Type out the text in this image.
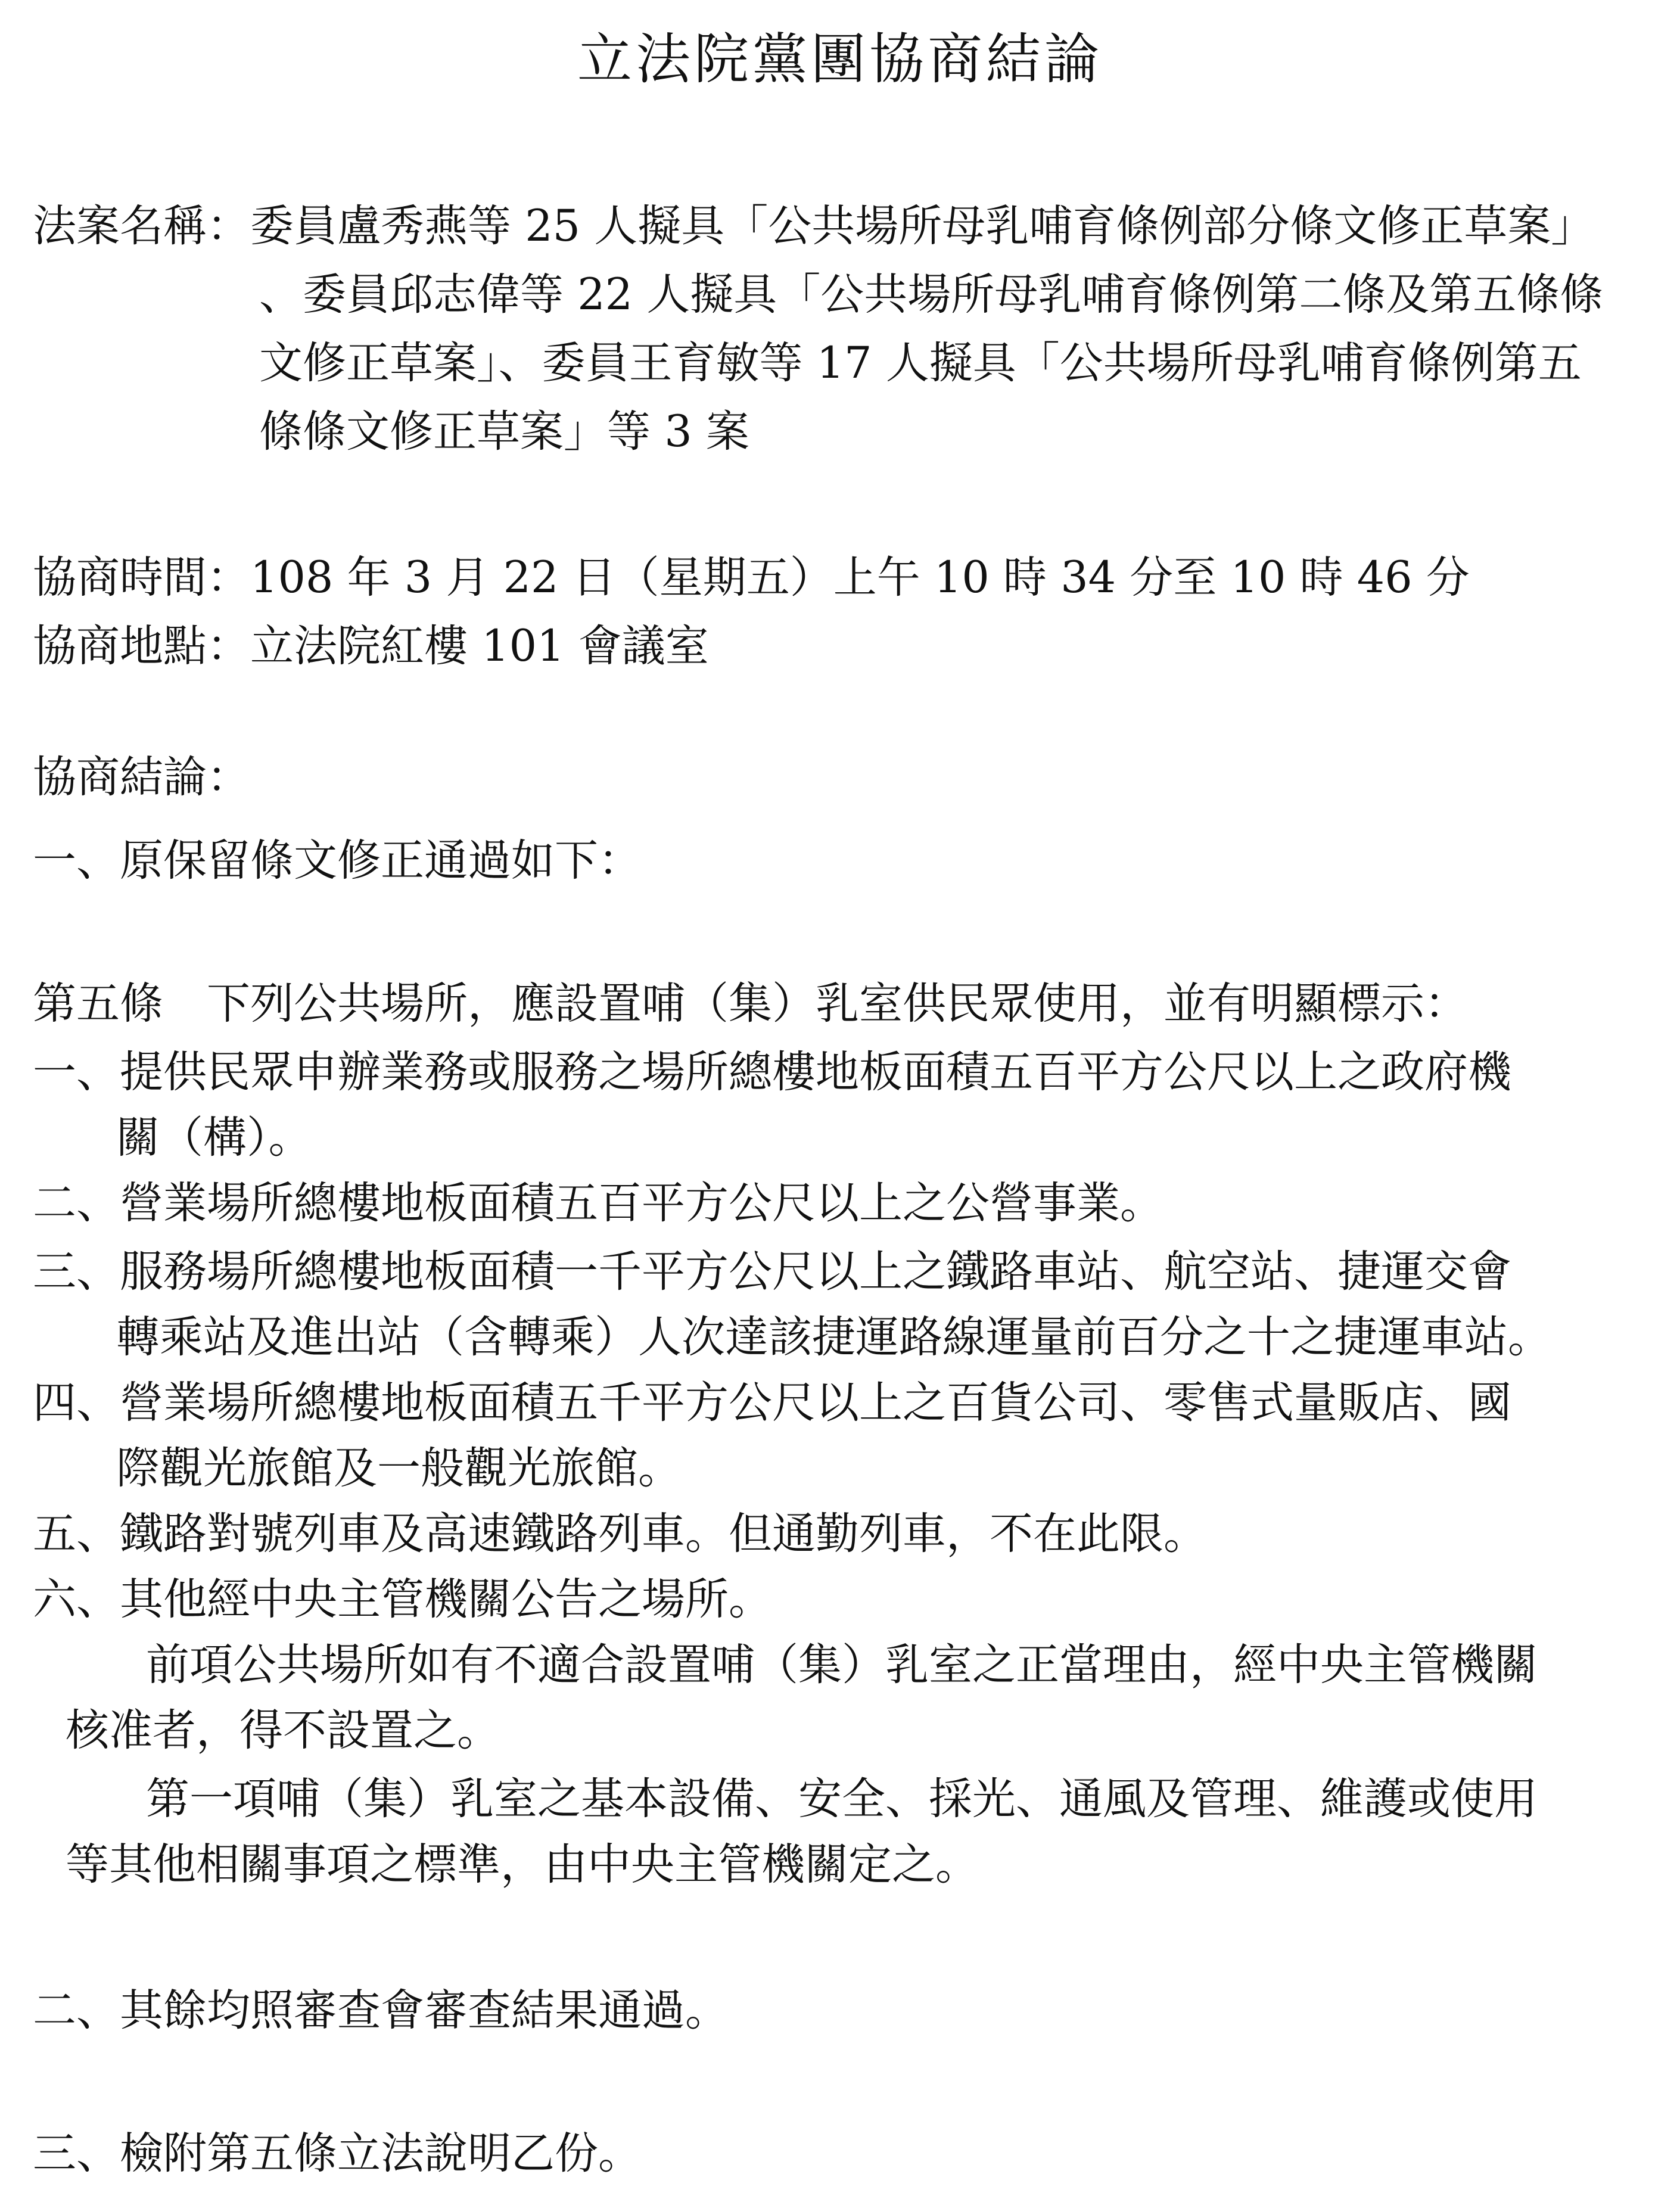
立法院黨團協商結論
法案名稱：委員盧秀燕等 25 人擬具「公共場所母乳哺育條例部分條文修正草案」
、委員邱志偉等 22 人擬具「公共場所母乳哺育條例第二條及第五條條
文修正草案」、委員王育敏等 17 人擬具「公共場所母乳哺育條例第五
條條文修正草案」等 3 案
協商時間：108 年 3 月 22 日（星期五）上午 10 時 34 分至 10 時 46 分
協商地點：立法院紅樓 101 會議室
協商結論：
一、原保留條文修正通過如下：
第五條　下列公共場所，應設置哺（集）乳室供民眾使用，並有明顯標示：
一、提供民眾申辦業務或服務之場所總樓地板面積五百平方公尺以上之政府機
關（構）。
二、營業場所總樓地板面積五百平方公尺以上之公營事業。
三、服務場所總樓地板面積一千平方公尺以上之鐵路車站、航空站、捷運交會
轉乘站及進出站（含轉乘）人次達該捷運路線運量前百分之十之捷運車站。
四、營業場所總樓地板面積五千平方公尺以上之百貨公司、零售式量販店、國
際觀光旅館及一般觀光旅館。
五、鐵路對號列車及高速鐵路列車。但通勤列車，不在此限。
六、其他經中央主管機關公告之場所。
前項公共場所如有不適合設置哺（集）乳室之正當理由，經中央主管機關
核准者，得不設置之。
第一項哺（集）乳室之基本設備、安全、採光、通風及管理、維護或使用
等其他相關事項之標準，由中央主管機關定之。
二、其餘均照審查會審查結果通過。
三、檢附第五條立法說明乙份。
